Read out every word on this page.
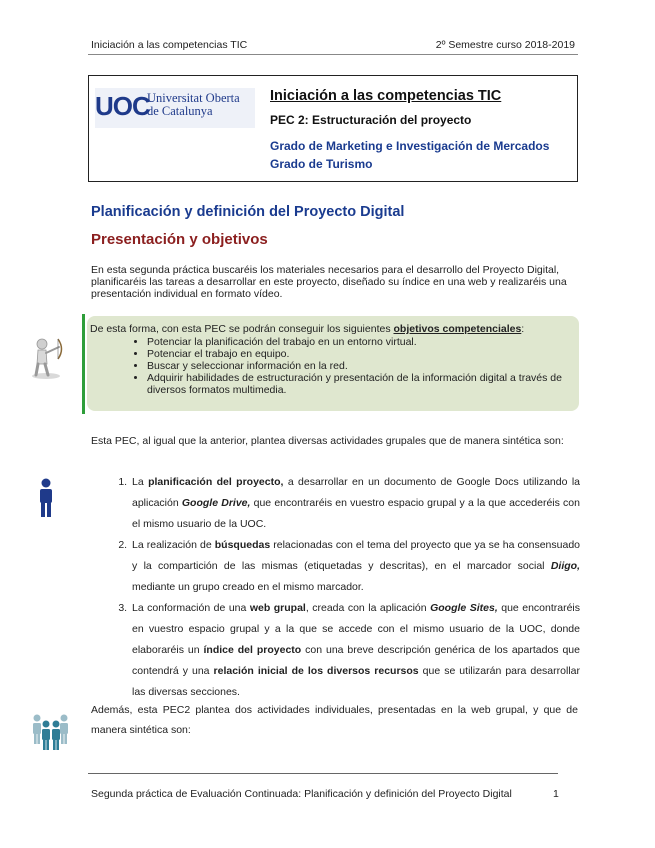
Iniciación a las competencias TIC	2º Semestre curso 2018-2019
UOC
Universitat Oberta
de Catalunya
Iniciación a las competencias TIC
PEC 2: Estructuración del proyecto
Grado de Marketing e Investigación de Mercados
Grado de Turismo
Planificación y definición del Proyecto Digital
Presentación y objetivos
En esta segunda práctica buscaréis los materiales necesarios para el desarrollo del Proyecto Digital, planificaréis las tareas a desarrollar en este proyecto, diseñado su índice en una web y realizaréis una presentación individual en formato vídeo.
De esta forma, con esta PEC se podrán conseguir los siguientes objetivos competenciales:
• Potenciar la planificación del trabajo en un entorno virtual.
• Potenciar el trabajo en equipo.
• Buscar y seleccionar información en la red.
• Adquirir habilidades de estructuración y presentación de la información digital a través de diversos formatos multimedia.
Esta PEC, al igual que la anterior, plantea diversas actividades grupales que de manera sintética son:
1. La planificación del proyecto, a desarrollar en un documento de Google Docs utilizando la aplicación Google Drive, que encontraréis en vuestro espacio grupal y a la que accederéis con el mismo usuario de la UOC.
2. La realización de búsquedas relacionadas con el tema del proyecto que ya se ha consensuado y la compartición de las mismas (etiquetadas y descritas), en el marcador social Diigo, mediante un grupo creado en el mismo marcador.
3. La conformación de una web grupal, creada con la aplicación Google Sites, que encontraréis en vuestro espacio grupal y a la que se accede con el mismo usuario de la UOC, donde elaboraréis un índice del proyecto con una breve descripción genérica de los apartados que contendrá y una relación inicial de los diversos recursos que se utilizarán para desarrollar las diversas secciones.
Además, esta PEC2 plantea dos actividades individuales, presentadas en la web grupal, y que de manera sintética son:
Segunda práctica de Evaluación Continuada: Planificación y definición del Proyecto Digital	1
